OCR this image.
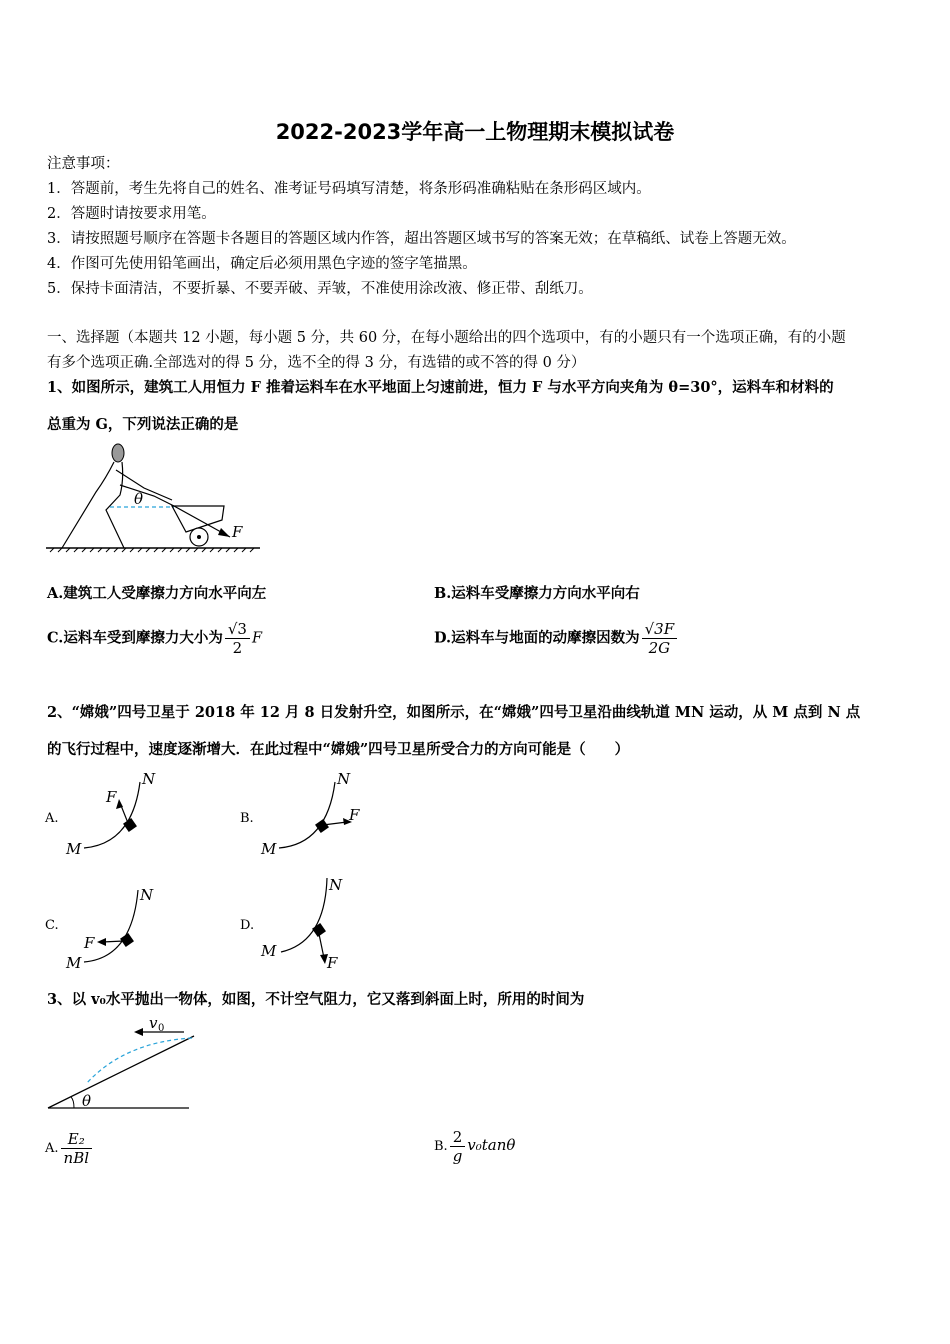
2022-2023学年高一上物理期末模拟试卷
注意事项：
1．答题前，考生先将自己的姓名、准考证号码填写清楚，将条形码准确粘贴在条形码区域内。
2．答题时请按要求用笔。
3．请按照题号顺序在答题卡各题目的答题区域内作答，超出答题区域书写的答案无效；在草稿纸、试卷上答题无效。
4．作图可先使用铅笔画出，确定后必须用黑色字迹的签字笔描黑。
5．保持卡面清洁，不要折暴、不要弄破、弄皱，不准使用涂改液、修正带、刮纸刀。
一、选择题（本题共 12 小题，每小题 5 分，共 60 分，在每小题给出的四个选项中，有的小题只有一个选项正确，有的小题
有多个选项正确.全部选对的得 5 分，选不全的得 3 分，有选错的或不答的得 0 分）
1、如图所示，建筑工人用恒力 F 推着运料车在水平地面上匀速前进，恒力 F 与水平方向夹角为 θ=30°，运料车和材料的
总重为 G，下列说法正确的是
θ
F
A.建筑工人受摩擦力方向水平向左	B.运料车受摩擦力方向水平向右
C.运料车受到摩擦力大小为 $\frac{√3}{2}$ F	D.运料车与地面的动摩擦因数为 $\frac{√3F}{2G}$
2、“嫦娥”四号卫星于 2018 年 12 月 8 日发射升空，如图所示，在“嫦娥”四号卫星沿曲线轨道 MN 运动，从 M 点到 N 点
的飞行过程中，速度逐渐增大．在此过程中“嫦娥”四号卫星所受合力的方向可能是（　　）
A.
N
M
F
B.
N
M
F
C.
N
M
F
D.
N
M
F
3、以 v₀水平抛出一物体，如图，不计空气阻力，它又落到斜面上时，所用的时间为
v 0
θ
A. $\frac{\text{E₂}}{\text{nBl}}$	B. $\frac{2}{g} v_0\tan\theta$
